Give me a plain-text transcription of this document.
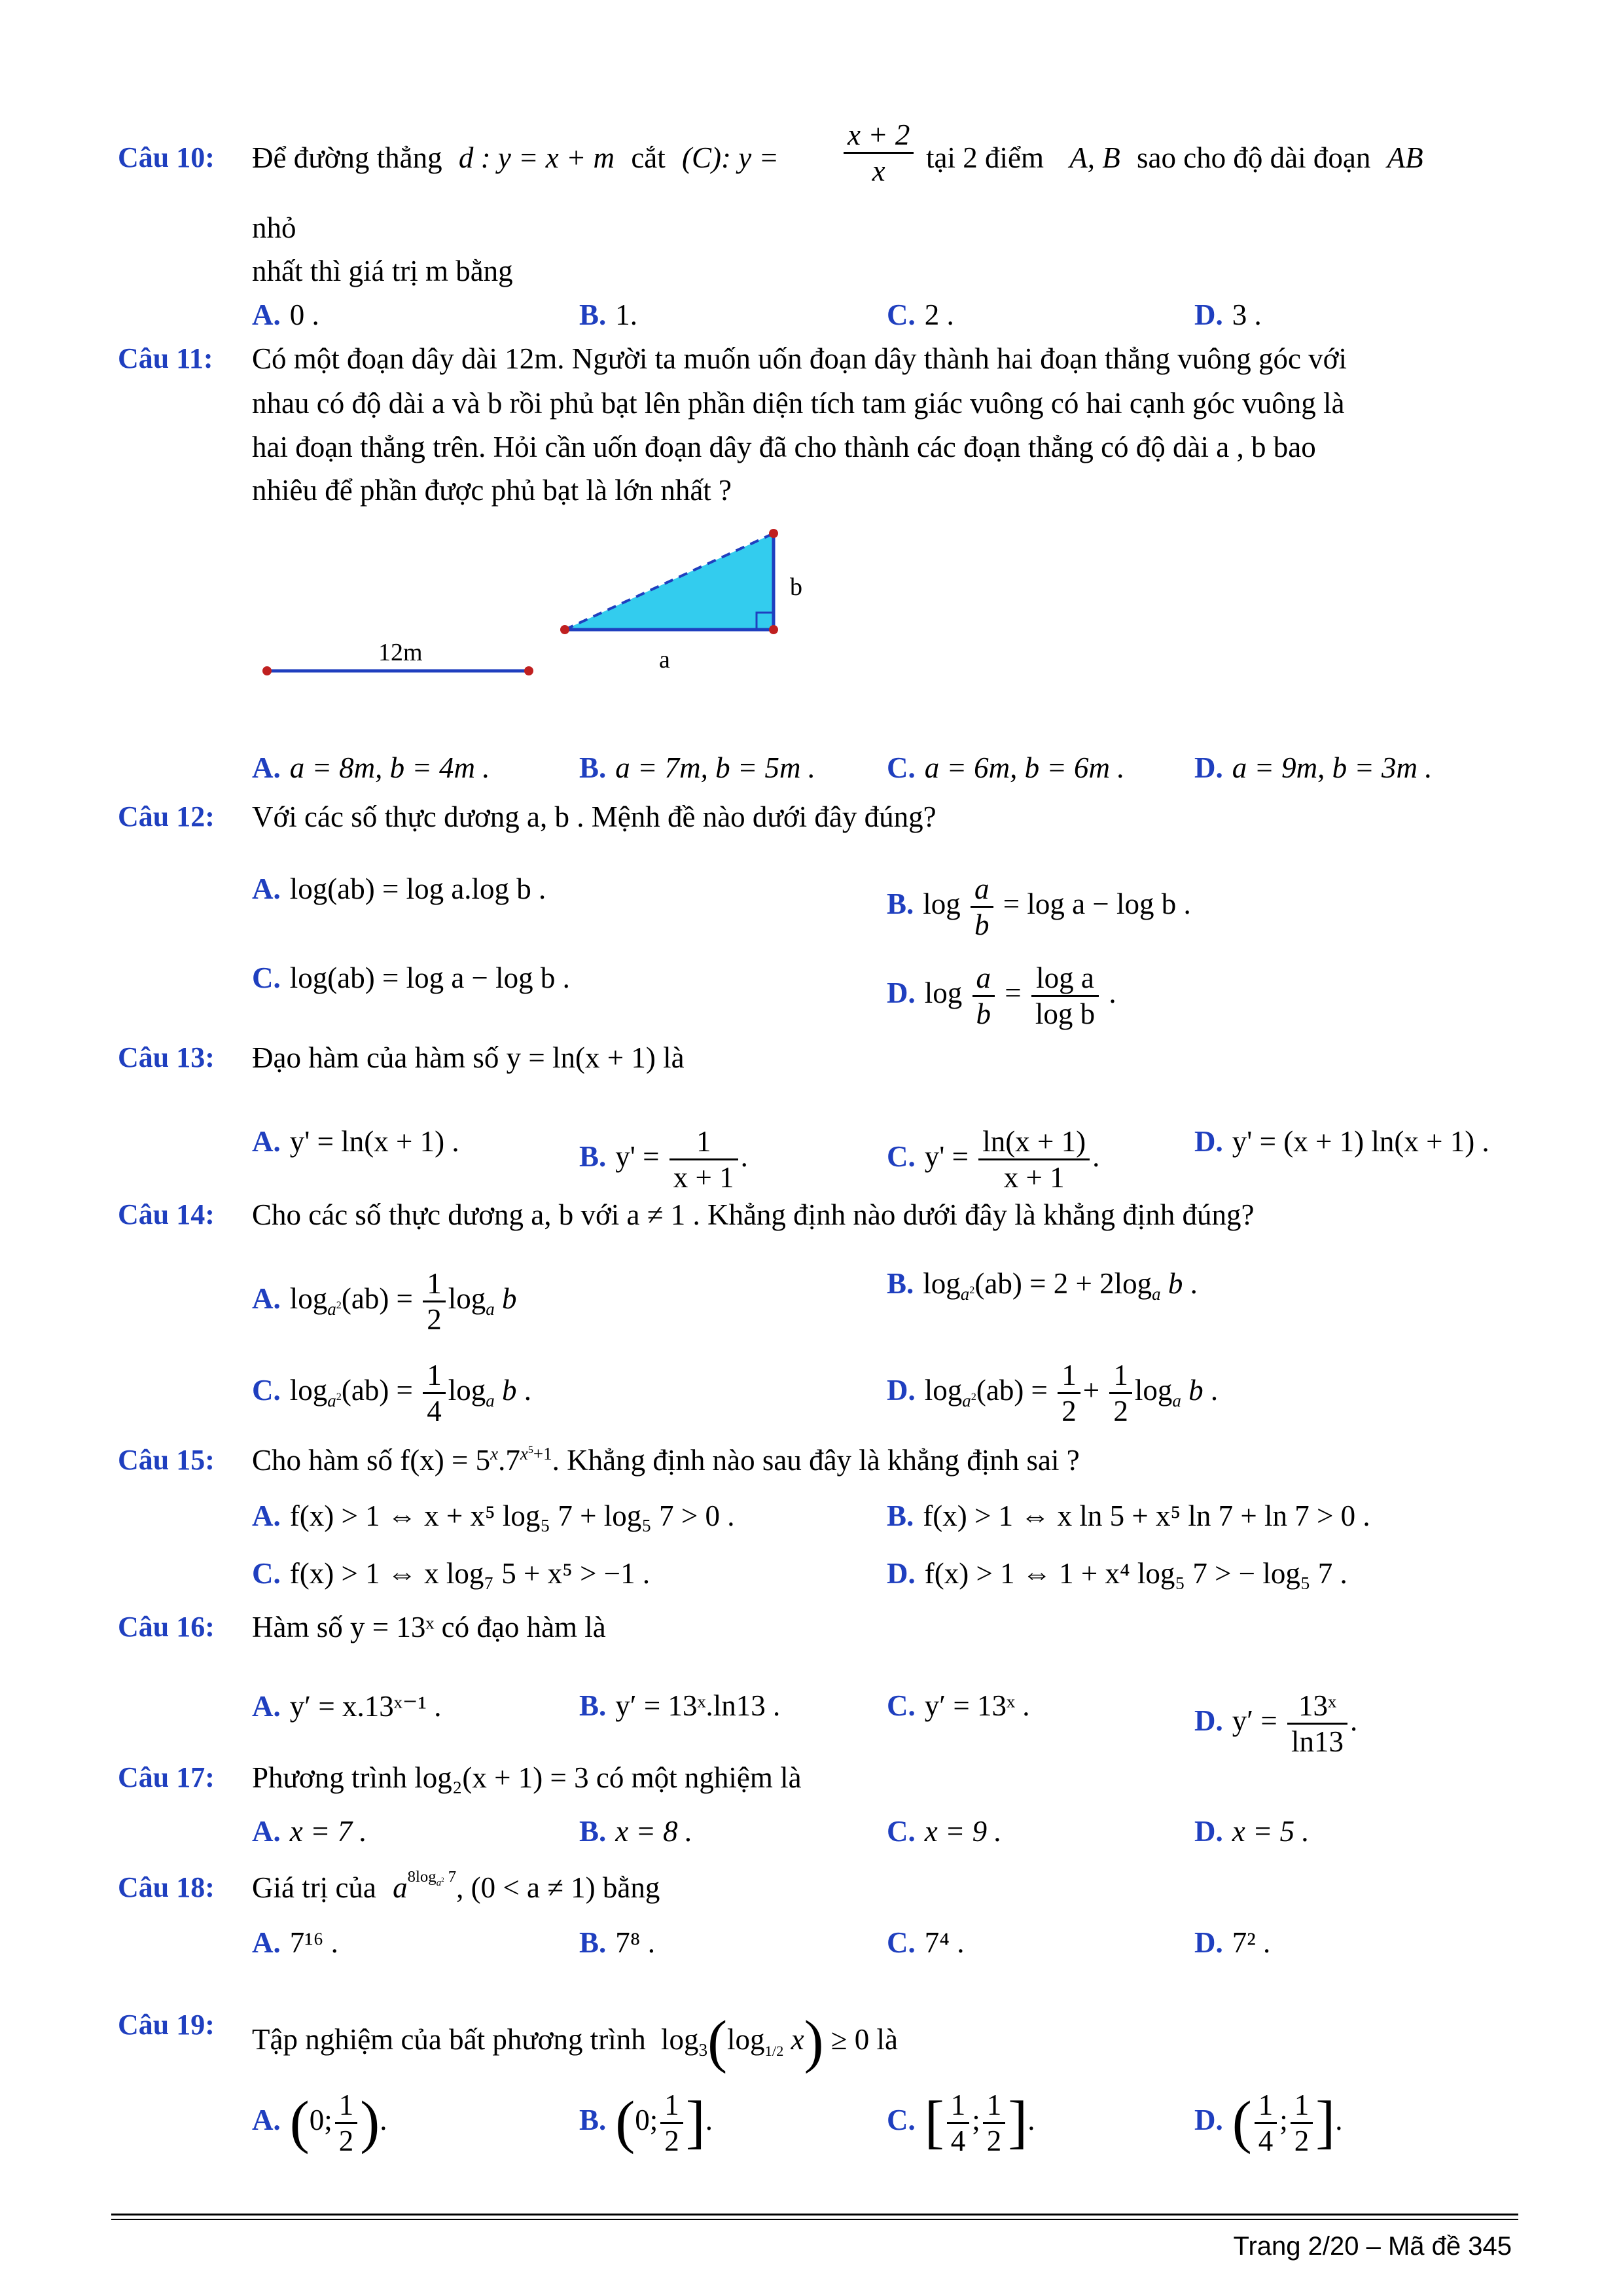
Câu 10: Để đường thẳng d : y = x + m cắt (C): $y = \frac{x + 2}{x}$ tại 2 điểm A, B sao cho độ dài đoạn AB
nhỏ
nhất thì giá trị m bằng
A. 0 .	B. 1.	C. 2 .	D. 3 .
Câu 11: Có một đoạn dây dài 12m. Người ta muốn uốn đoạn dây thành hai đoạn thẳng vuông góc với
nhau có độ dài a và b rồi phủ bạt lên phần diện tích tam giác vuông có hai cạnh góc vuông là
hai đoạn thẳng trên. Hỏi cần uốn đoạn dây đã cho thành các đoạn thẳng có độ dài a , b bao
nhiêu để phần được phủ bạt là lớn nhất ?
12m	a
b
A. a = 8m, b = 4m .	B. a = 7m, b = 5m . C. a = 6m, b = 6m . D. a = 9m, b = 3m .
Câu 12: Với các số thực dương a, b . Mệnh đề nào dưới đây đúng?
A. log(ab) = log a.log b .	B. $\log \frac{a}{b} = \log a - \log b$ .
C. log(ab) = log a − log b .	D. $\log \frac{a}{b} = \frac{\text{log a}}{\text{log b}}$ .
Câu 13: Đạo hàm của hàm số y = ln(x + 1) là
A. y' = ln(x + 1) .	B. $y' = \frac{1}{x + 1}$ .	C. $y' = \frac{\ln(x + 1)}{x + 1}$ .	D. y' = (x + 1) ln(x + 1) .
Câu 14: Cho các số thực dương a, b với a ≠ 1 . Khẳng định nào dưới đây là khẳng định đúng?
A. $\log_{a^2}(ab) = \frac{1}{2} \log_a b$	B. $\log_{a^2}(ab) = 2 + 2\log_a$ b .
C. $\log_{a^2}(ab) = \frac{1}{4} \log_a b$ .	D. $\log_{a^2}(ab) = \frac{1}{2} + \frac{1}{2} \log_a b$ .
Câu 15: Cho hàm số $f(x) = 5^x.7^{x^5+1}$. Khẳng định nào sau đây là khẳng định sai ?
A. f(x) > 1 ⇔ x + x⁵ log₅ 7 + log₅ 7 > 0 .	B. f(x) > 1 ⇔ x ln 5 + x⁵ ln 7 + ln 7 > 0 .
C. f(x) > 1 ⇔ x log₇ 5 + x⁵ > −1 .	D. f(x) > 1 ⇔ 1 + x⁴ log₅ 7 > − log₅ 7 .
Câu 16: Hàm số y = 13ˣ có đạo hàm là
A. y′ = x.13ˣ⁻¹ .	B. y′ = 13ˣ.ln13 .	C. y′ = 13ˣ .	D. $y' = \frac{\text{13ˣ}}{\ln 13}$ .
Câu 17: Phương trình log₂(x + 1) = 3 có một nghiệm là
A. x = 7 .	B. x = 8 .	C. x = 9 .	D. x = 5 .
Câu 18: Giá trị của $a^{8log_{a^2} 7}$, (0 < a ≠ 1) bằng
A. 7¹⁶ .	B. 7⁸ .	C. 7⁴ .	D. 7² .
Câu 19: Tập nghiệm của bất phương trình $\log_3(\log_{1/2}$ x) ≥ 0 là
A. (0; $\frac{1}{2}$ ).	B. (0; $\frac{1}{2}$ ].	C. [ $\frac{1}{4}$ ; $\frac{1}{2}$ ].	D. ( $\frac{1}{4}$ ; $\frac{1}{2}$ ].
Trang 2/20 – Mã đề 345
